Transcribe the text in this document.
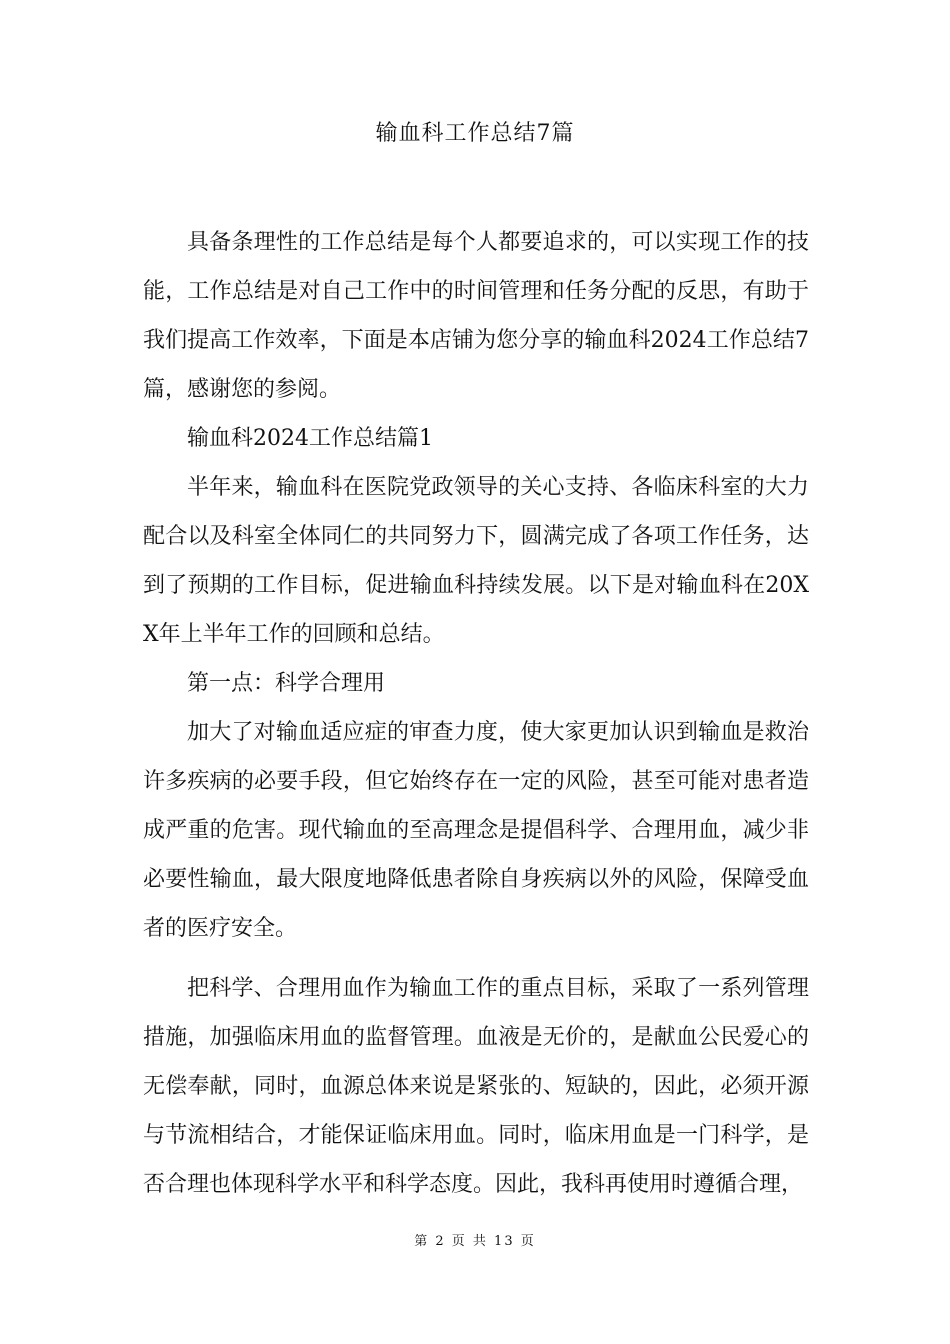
输血科工作总结7篇

具备条理性的工作总结是每个人都要追求的，可以实现工作的技能，工作总结是对自己工作中的时间管理和任务分配的反思，有助于我们提高工作效率，下面是本店铺为您分享的输血科2024工作总结7篇，感谢您的参阅。

输血科2024工作总结篇1

半年来，输血科在医院党政领导的关心支持、各临床科室的大力配合以及科室全体同仁的共同努力下，圆满完成了各项工作任务，达到了预期的工作目标，促进输血科持续发展。以下是对输血科在20XX年上半年工作的回顾和总结。

第一点：科学合理用

加大了对输血适应症的审查力度，使大家更加认识到输血是救治许多疾病的必要手段，但它始终存在一定的风险，甚至可能对患者造成严重的危害。现代输血的至高理念是提倡科学、合理用血，减少非必要性输血，最大限度地降低患者除自身疾病以外的风险，保障受血者的医疗安全。

把科学、合理用血作为输血工作的重点目标，采取了一系列管理措施，加强临床用血的监督管理。血液是无价的，是献血公民爱心的无偿奉献，同时，血源总体来说是紧张的、短缺的，因此，必须开源与节流相结合，才能保证临床用血。同时，临床用血是一门科学，是否合理也体现科学水平和科学态度。因此，我科再使用时遵循合理，

第 2 页 共 13 页
